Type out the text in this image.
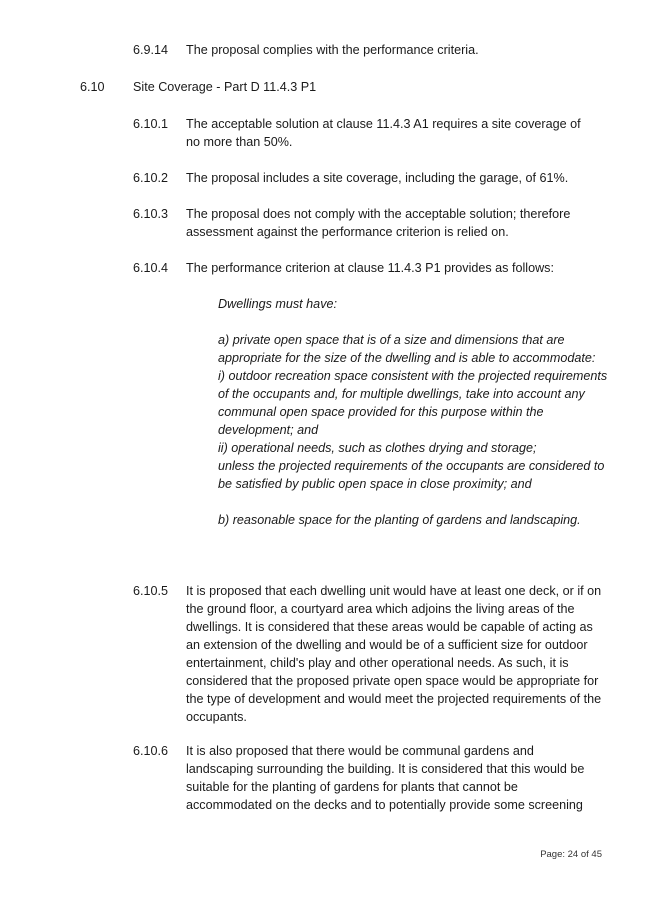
6.9.14 The proposal complies with the performance criteria.

6.10 Site Coverage - Part D 11.4.3 P1

6.10.1 The acceptable solution at clause 11.4.3 A1 requires a site coverage of no more than 50%.

6.10.2 The proposal includes a site coverage, including the garage, of 61%.

6.10.3 The proposal does not comply with the acceptable solution; therefore assessment against the performance criterion is relied on.

6.10.4 The performance criterion at clause 11.4.3 P1 provides as follows:

Dwellings must have:

a) private open space that is of a size and dimensions that are appropriate for the size of the dwelling and is able to accommodate:

i) outdoor recreation space consistent with the projected requirements of the occupants and, for multiple dwellings, take into account any communal open space provided for this purpose within the development; and

ii) operational needs, such as clothes drying and storage;

unless the projected requirements of the occupants are considered to be satisfied by public open space in close proximity; and

b) reasonable space for the planting of gardens and landscaping.

6.10.5 It is proposed that each dwelling unit would have at least one deck, or if on the ground floor, a courtyard area which adjoins the living areas of the dwellings. It is considered that these areas would be capable of acting as an extension of the dwelling and would be of a sufficient size for outdoor entertainment, child's play and other operational needs. As such, it is considered that the proposed private open space would be appropriate for the type of development and would meet the projected requirements of the occupants.

6.10.6 It is also proposed that there would be communal gardens and landscaping surrounding the building. It is considered that this would be suitable for the planting of gardens for plants that cannot be accommodated on the decks and to potentially provide some screening

Page: 24 of 45
